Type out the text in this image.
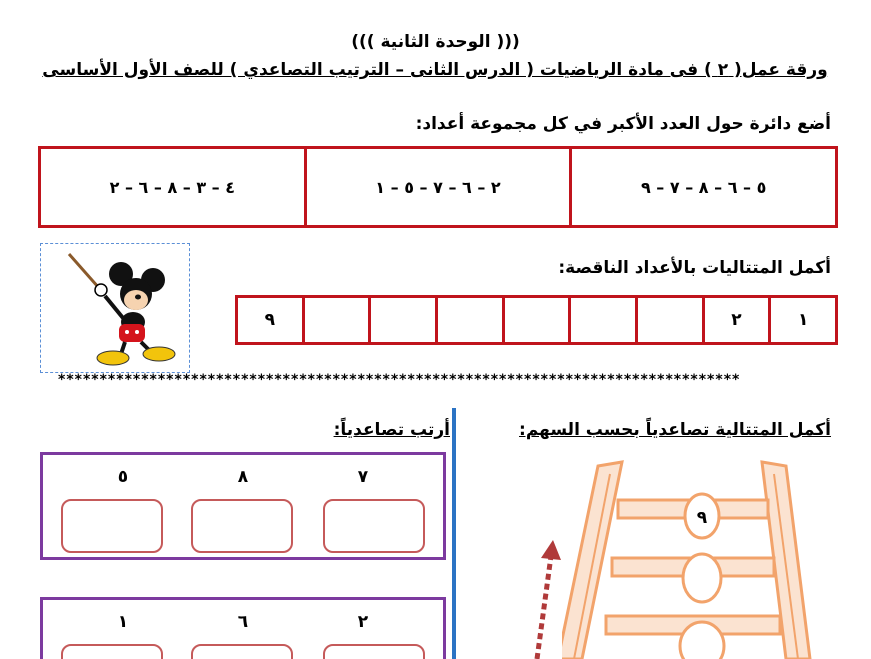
((( الوحدة الثانية )))
ورقة عمل( ٢ ) فى مادة الرياضيات ( الدرس الثانى – الترتيب التصاعدي ) للصف الأول الأساسى
أضع دائرة حول العدد الأكبر في كل مجموعة أعداد:
٥ – ٦ – ٨ – ٧ – ٩
٢ – ٦ – ٧ – ٥ – ١
٤ – ٣ – ٨ – ٦ – ٢
أكمل المتتاليات بالأعداد الناقصة:
١
٢
٩
**********************************************************************************
أكمل المتتالية تصاعدياً بحسب السهم:
٩
أرتب تصاعدياً:
٧
٨
٥
٢
٦
١
